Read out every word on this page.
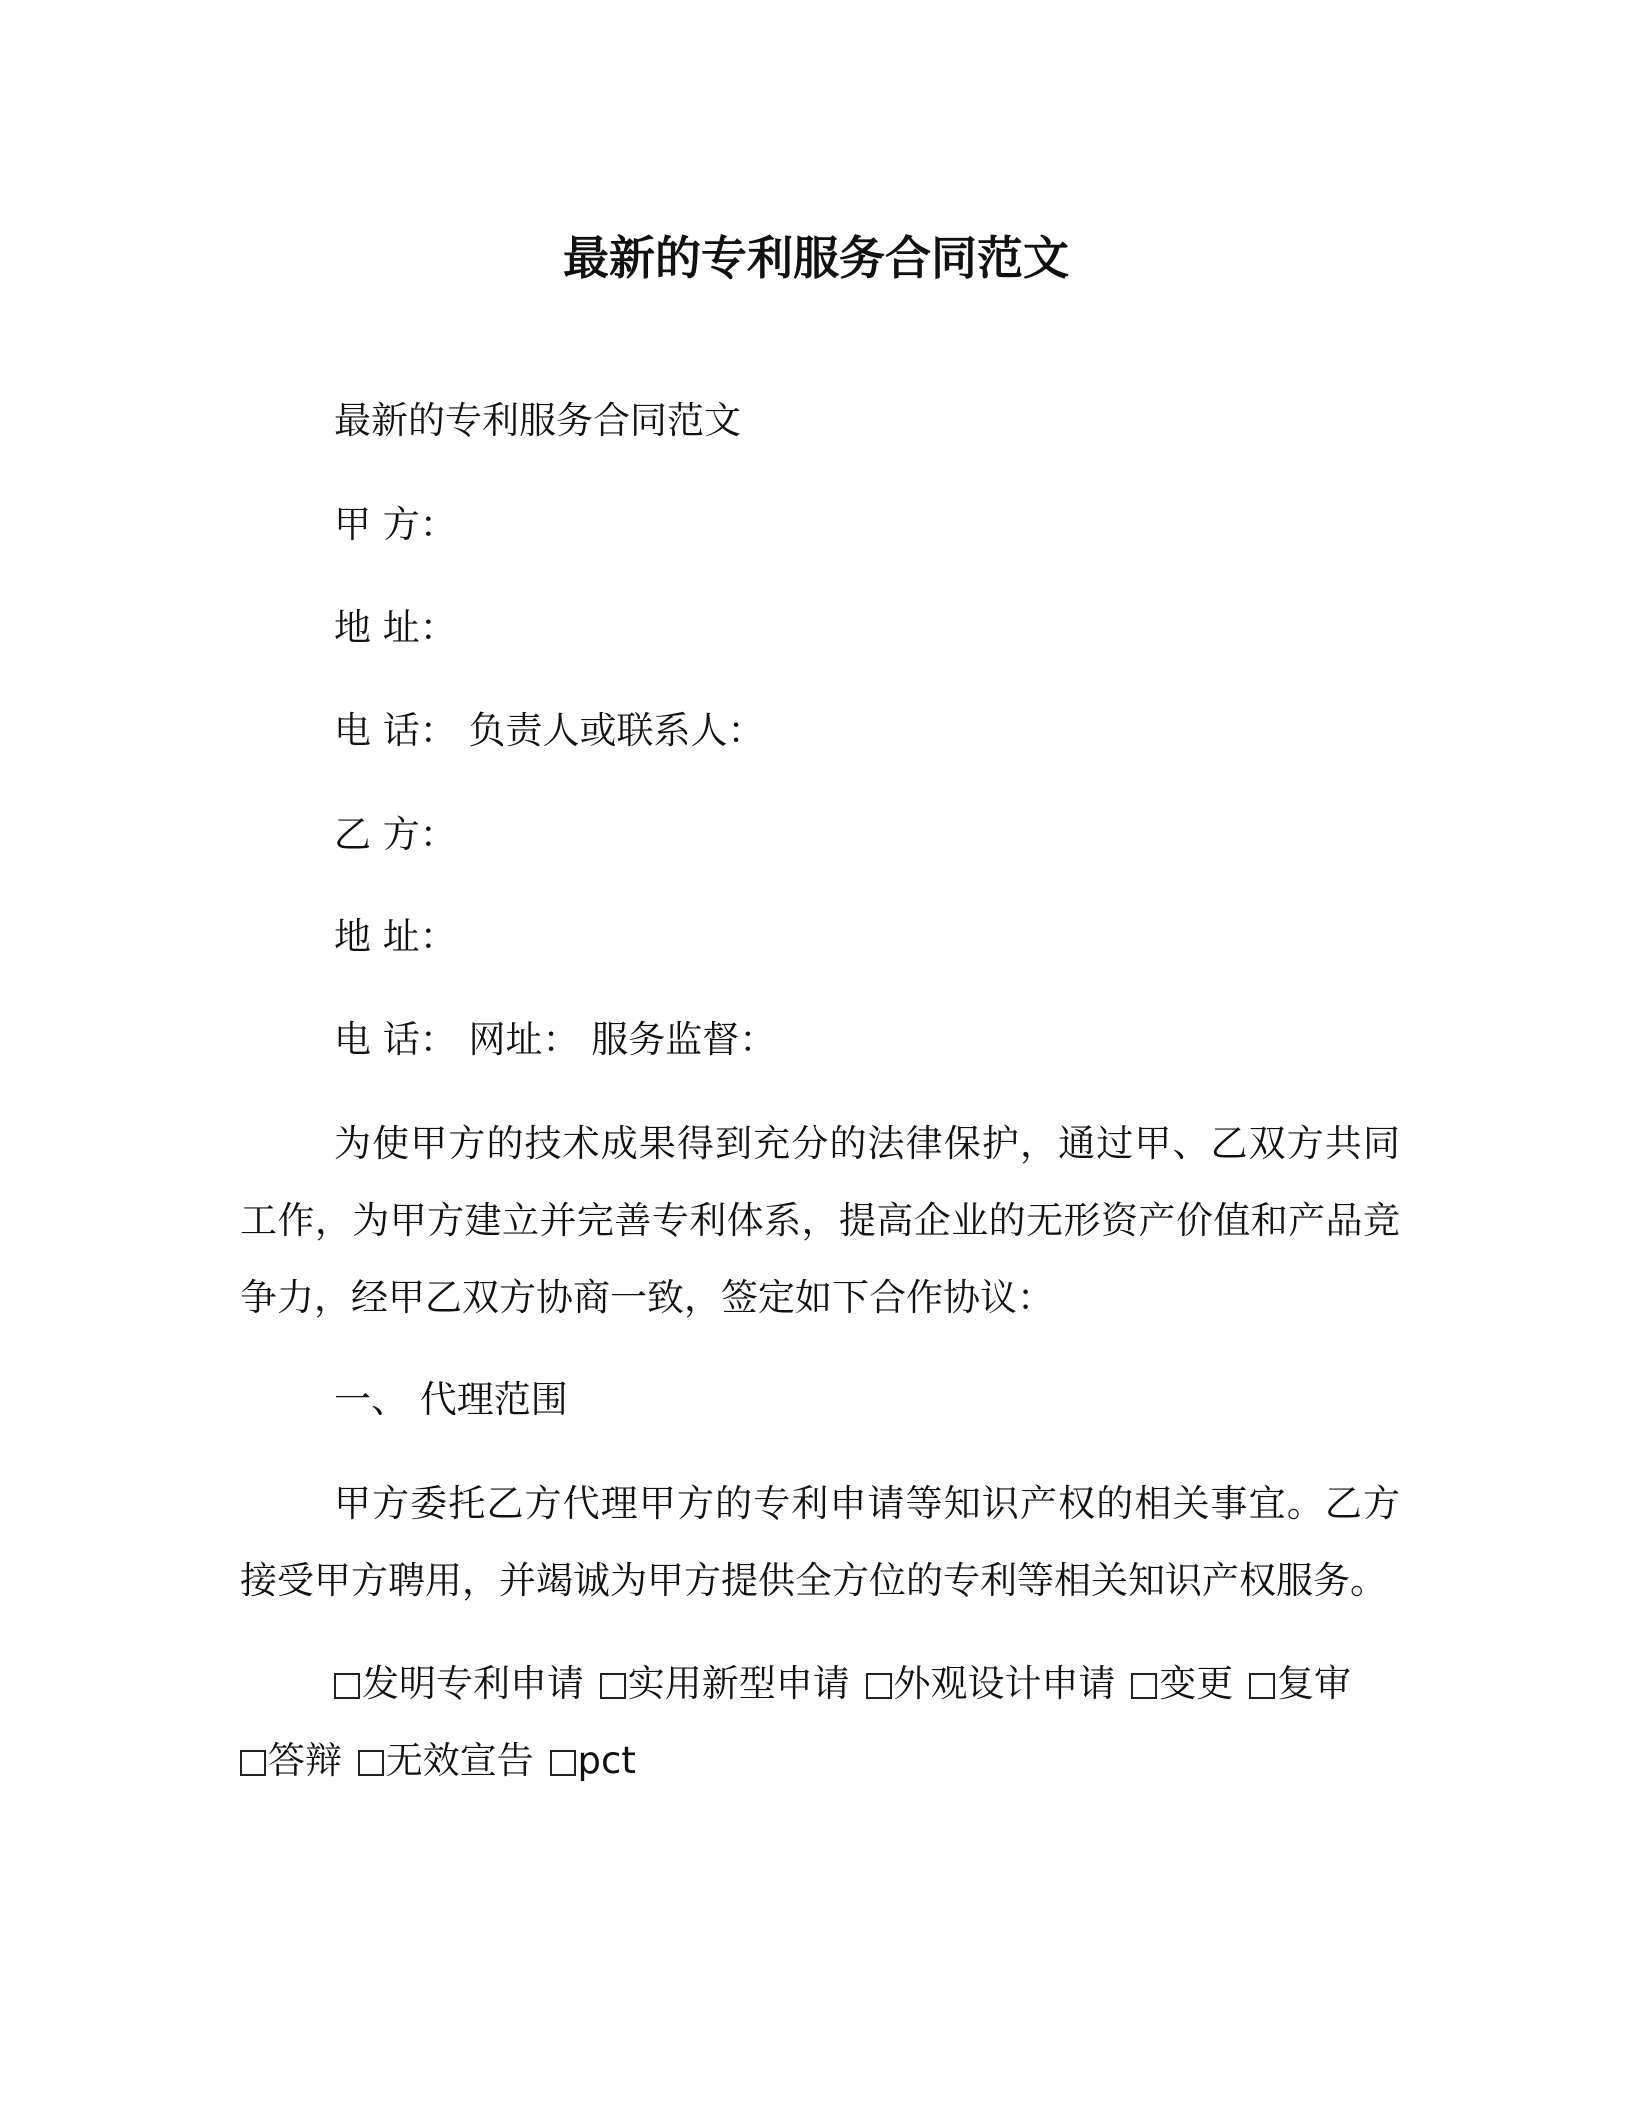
最新的专利服务合同范文
最新的专利服务合同范文
甲 方：
地 址：
电 话： 负责人或联系人：
乙 方：
地 址：
电 话： 网址： 服务监督：
为使甲方的技术成果得到充分的法律保护，通过甲、乙双方共同工作，为甲方建立并完善专利体系，提高企业的无形资产价值和产品竞争力，经甲乙双方协商一致，签定如下合作协议：
一、 代理范围
甲方委托乙方代理甲方的专利申请等知识产权的相关事宜。乙方接受甲方聘用，并竭诚为甲方提供全方位的专利等相关知识产权服务。
发明专利申请 实用新型申请 外观设计申请 变更 复审
答辩 无效宣告 pct
